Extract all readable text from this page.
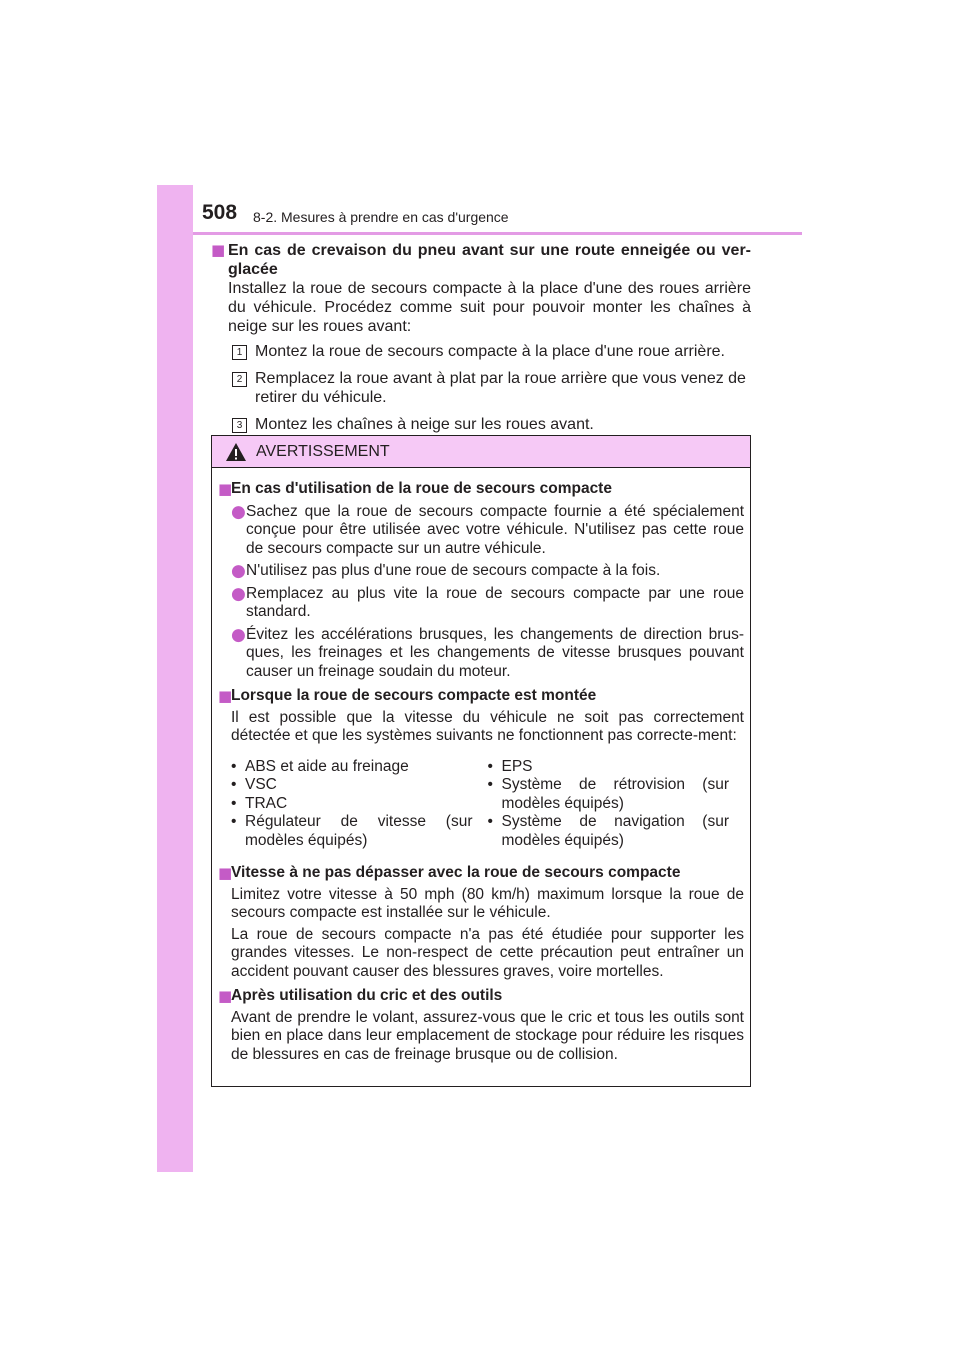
508 8-2. Mesures à prendre en cas d'urgence
■ En cas de crevaison du pneu avant sur une route enneigée ou ver-glacée
Installez la roue de secours compacte à la place d'une des roues arrière du véhicule. Procédez comme suit pour pouvoir monter les chaînes à neige sur les roues avant:
1 Montez la roue de secours compacte à la place d'une roue arrière.
2 Remplacez la roue avant à plat par la roue arrière que vous venez de retirer du véhicule.
3 Montez les chaînes à neige sur les roues avant.
AVERTISSEMENT
■
En cas d'utilisation de la roue de secours compacte
● Sachez que la roue de secours compacte fournie a été spécialement conçue pour être utilisée avec votre véhicule. N'utilisez pas cette roue de secours compacte sur un autre véhicule.
● N'utilisez pas plus d'une roue de secours compacte à la fois.
● Remplacez au plus vite la roue de secours compacte par une roue standard.
● Évitez les accélérations brusques, les changements de direction brus-ques, les freinages et les changements de vitesse brusques pouvant causer un freinage soudain du moteur.
■
Lorsque la roue de secours compacte est montée
Il est possible que la vitesse du véhicule ne soit pas correctement détectée et que les systèmes suivants ne fonctionnent pas correcte-ment:
• ABS et aide au freinage
• VSC
• TRAC
• Régulateur de vitesse (sur modèles équipés)
• EPS
• Système de rétrovision (sur modèles équipés)
• Système de navigation (sur modèles équipés)
■
Vitesse à ne pas dépasser avec la roue de secours compacte
Limitez votre vitesse à 50 mph (80 km/h) maximum lorsque la roue de secours compacte est installée sur le véhicule.
La roue de secours compacte n'a pas été étudiée pour supporter les grandes vitesses. Le non-respect de cette précaution peut entraîner un accident pouvant causer des blessures graves, voire mortelles.
■
Après utilisation du cric et des outils
Avant de prendre le volant, assurez-vous que le cric et tous les outils sont bien en place dans leur emplacement de stockage pour réduire les risques de blessures en cas de freinage brusque ou de collision.
